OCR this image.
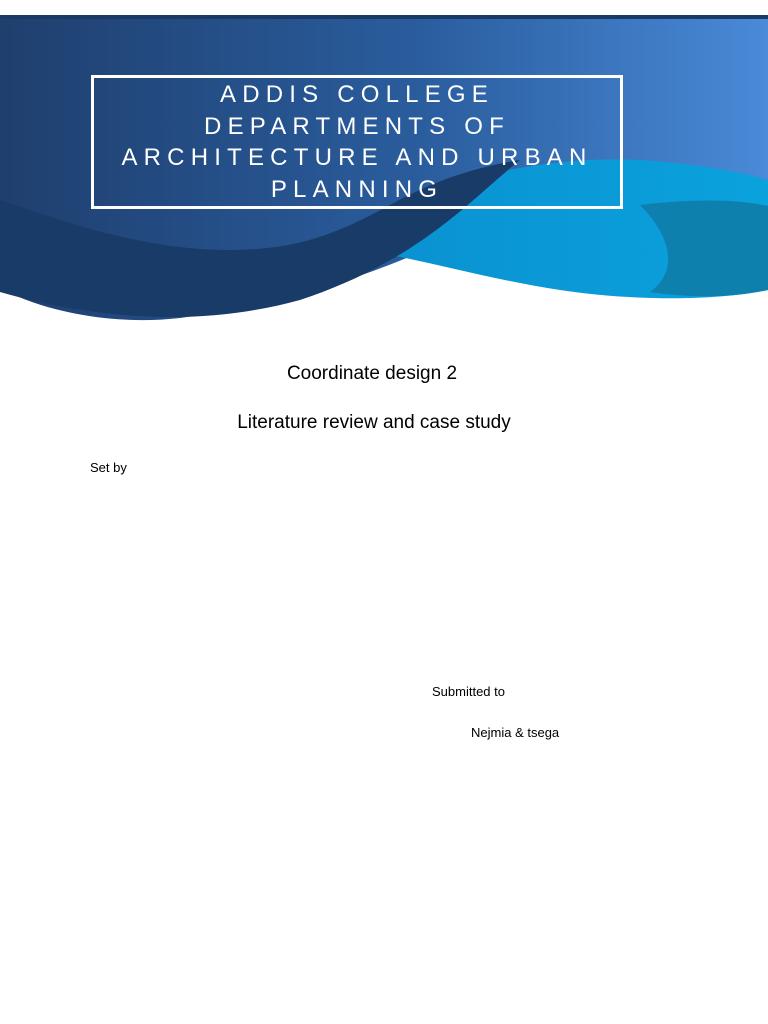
ADDIS COLLEGE
DEPARTMENTS OF
ARCHITECTURE AND URBAN
PLANNING
Coordinate design 2
Literature review and case study
Set by
Submitted to
Nejmia & tsega
